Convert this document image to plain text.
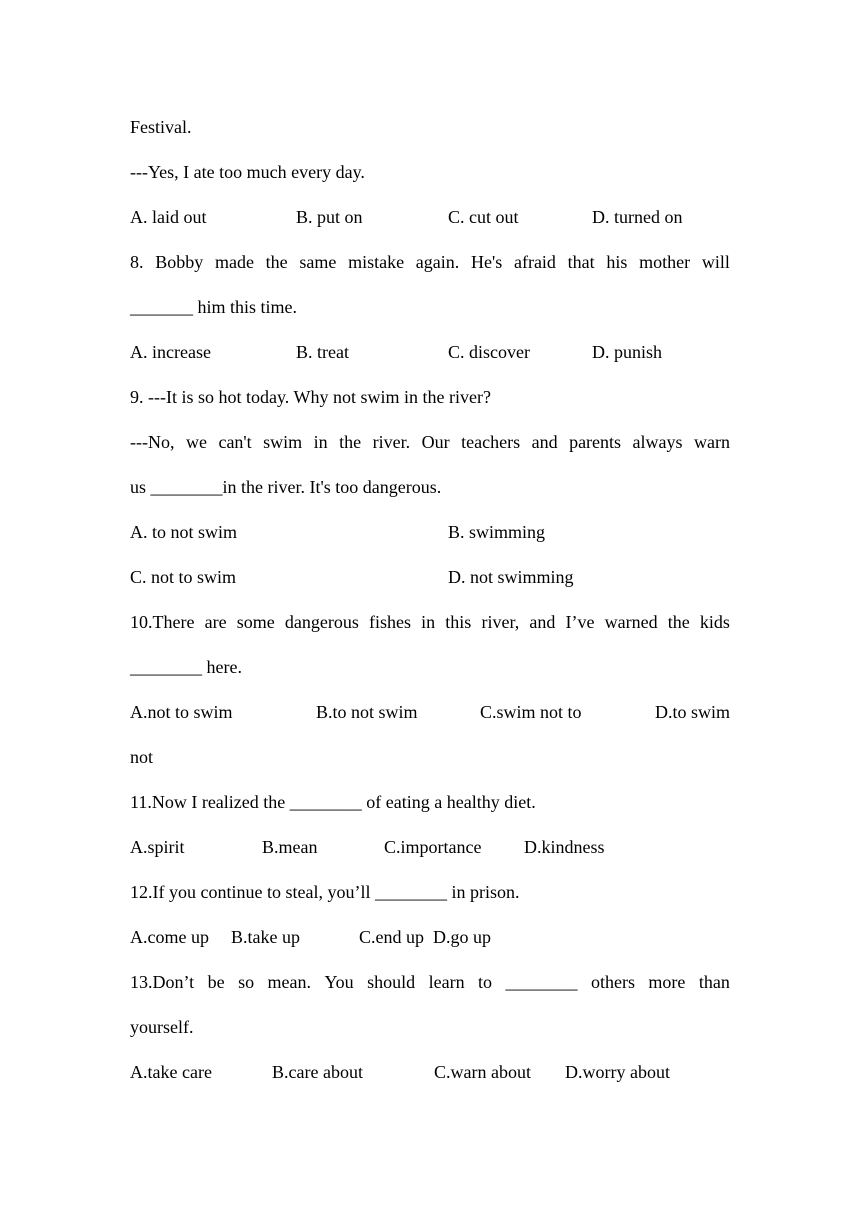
Festival.
---Yes, I ate too much every day.
A. laid out	B. put on	C. cut out	D. turned on
8. Bobby made the same mistake again. He's afraid that his mother will
_______ him this time.
A. increase	B. treat	C. discover	D. punish
9. ---It is so hot today. Why not swim in the river?
---No, we can't swim in the river. Our teachers and parents always warn
us ________in the river. It's too dangerous.
A. to not swim	B. swimming
C. not to swim	D. not swimming
10.There are some dangerous fishes in this river, and I’ve warned the kids
________ here.
A.not to swim	B.to not swim	C.swim not to	D.to swim
not
11.Now I realized the ________ of eating a healthy diet.
A.spirit	B.mean	C.importance D.kindness
12.If you continue to steal, you’ll ________ in prison.
A.come up B.take up	C.end up D.go up
13.Don’t be so mean. You should learn to ________ others more than
yourself.
A.take care	B.care about	C.warn about D.worry about
